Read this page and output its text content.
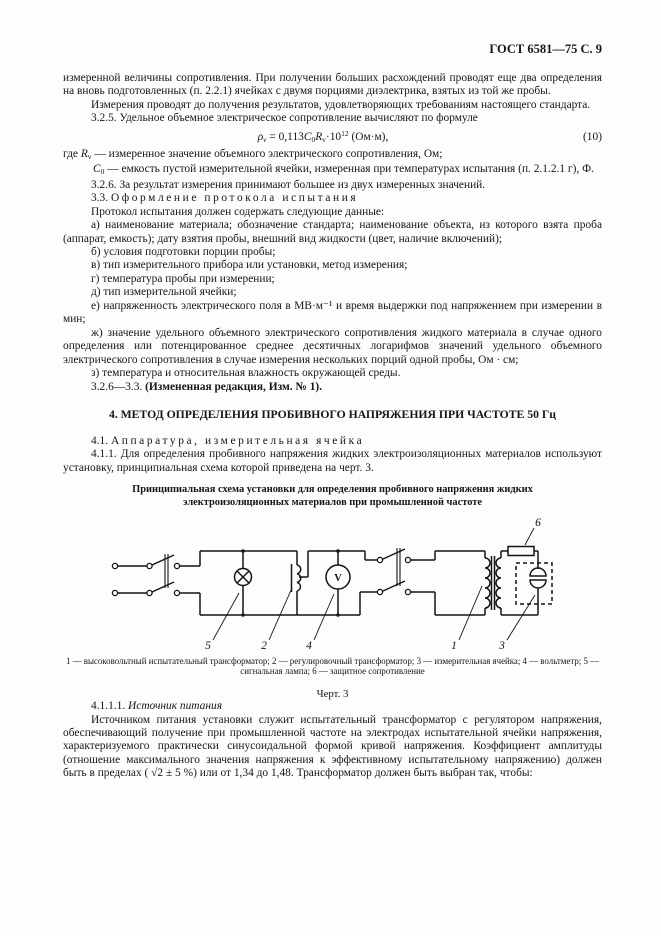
ГОСТ 6581—75 С. 9

измеренной величины сопротивления. При получении больших расхождений проводят еще два определения на вновь подготовленных (п. 2.2.1) ячейках с двумя порциями диэлектрика, взятых из той же пробы.

Измерения проводят до получения результатов, удовлетворяющих требованиям настоящего стандарта.

3.2.5. Удельное объемное электрическое сопротивление вычисляют по формуле

$\rho_v = 0,113C_0R_v\cdot 10^{12}$ (Ом·м),	(10)

где $R_v$ — измеренное значение объемного электрического сопротивления, Ом;

$C_0$ — емкость пустой измерительной ячейки, измеренная при температурах испытания (п. 2.1.2.1 г), Ф.

3.2.6. За результат измерения принимают большее из двух измеренных значений.

3.3. Оформление протокола испытания

Протокол испытания должен содержать следующие данные:

а) наименование материала; обозначение стандарта; наименование объекта, из которого взята проба (аппарат, емкость); дату взятия пробы, внешний вид жидкости (цвет, наличие включений);

б) условия подготовки порции пробы;

в) тип измерительного прибора или установки, метод измерения;

г) температура пробы при измерении;

д) тип измерительной ячейки;

е) напряженность электрического поля в МВ·м⁻¹ и время выдержки под напряжением при измерении в мин;

ж) значение удельного объемного электрического сопротивления жидкого материала в случае одного определения или потенцированное среднее десятичных логарифмов значений удельного объемного электрического сопротивления в случае измерения нескольких порций одной пробы, Ом · см;

з) температура и относительная влажность окружающей среды.

3.2.6—3.3. (Измененная редакция, Изм. № 1).

4. МЕТОД ОПРЕДЕЛЕНИЯ ПРОБИВНОГО НАПРЯЖЕНИЯ ПРИ ЧАСТОТЕ 50 Гц

4.1. Аппаратура, измерительная ячейка

4.1.1. Для определения пробивного напряжения жидких электроизоляционных материалов используют установку, принципиальная схема которой приведена на черт. 3.

Принципиальная схема установки для определения пробивного напряжения жидких электроизоляционных материалов при промышленной частоте

V
5	2	4	1	3
6

1 — высоковольтный испытательный трансформатор; 2 — регулировочный трансформатор; 3 — измерительная ячейка; 4 — вольтметр; 5 — сигнальная лампа; 6 — защитное сопротивление

Черт. 3

4.1.1.1. Источник питания

Источником питания установки служит испытательный трансформатор с регулятором напряжения, обеспечивающий получение при промышленной частоте на электродах испытательной ячейки напряжения, характеризуемого практически синусоидальной формой кривой напряжения. Коэффициент амплитуды (отношение максимального значения напряжения к эффективному испытательному напряжению) должен быть в пределах ( √2 ± 5 %) или от 1,34 до 1,48. Трансформатор должен быть выбран так, чтобы:
